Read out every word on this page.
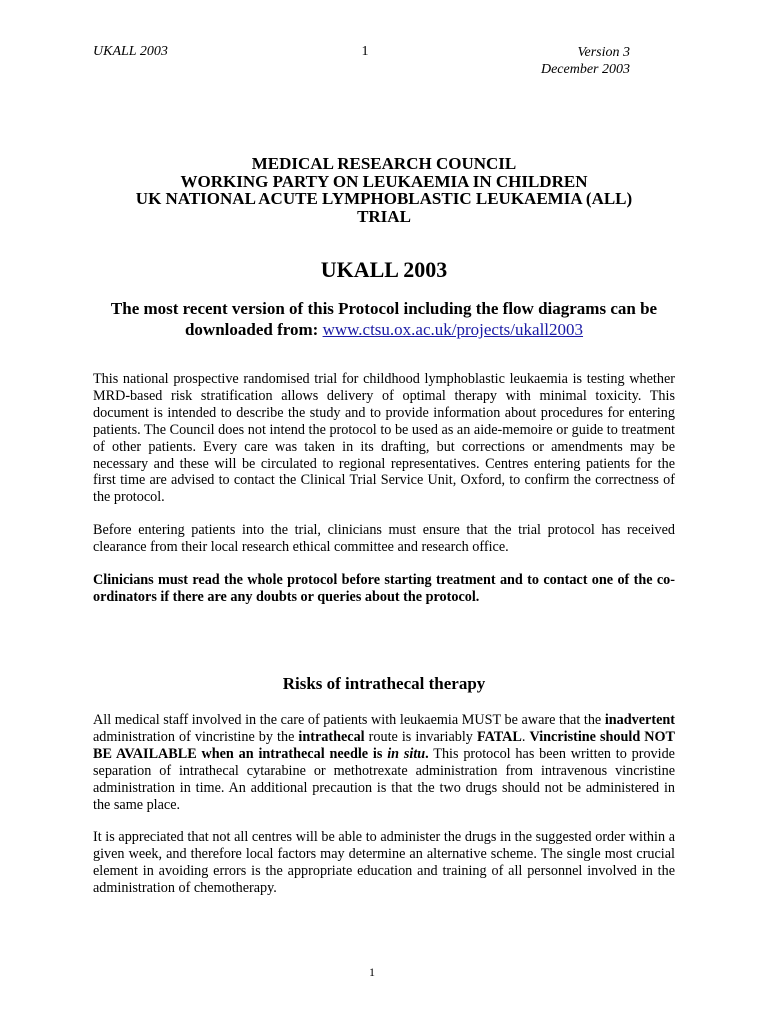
UKALL 2003	1	Version 3
December 2003
MEDICAL RESEARCH COUNCIL
WORKING PARTY ON LEUKAEMIA IN CHILDREN
UK NATIONAL ACUTE LYMPHOBLASTIC LEUKAEMIA (ALL)
TRIAL
UKALL 2003
The most recent version of this Protocol including the flow diagrams can be
downloaded from: www.ctsu.ox.ac.uk/projects/ukall2003
This national prospective randomised trial for childhood lymphoblastic leukaemia is testing whether MRD-based risk stratification allows delivery of optimal therapy with minimal toxicity. This document is intended to describe the study and to provide information about procedures for entering patients. The Council does not intend the protocol to be used as an aide-memoire or guide to treatment of other patients. Every care was taken in its drafting, but corrections or amendments may be necessary and these will be circulated to regional representatives. Centres entering patients for the first time are advised to contact the Clinical Trial Service Unit, Oxford, to confirm the correctness of the protocol.
Before entering patients into the trial, clinicians must ensure that the trial protocol has received clearance from their local research ethical committee and research office.
Clinicians must read the whole protocol before starting treatment and to contact one of the co-ordinators if there are any doubts or queries about the protocol.
Risks of intrathecal therapy
All medical staff involved in the care of patients with leukaemia MUST be aware that the inadvertent administration of vincristine by the intrathecal route is invariably FATAL. Vincristine should NOT BE AVAILABLE when an intrathecal needle is in situ. This protocol has been written to provide separation of intrathecal cytarabine or methotrexate administration from intravenous vincristine administration in time. An additional precaution is that the two drugs should not be administered in the same place.
It is appreciated that not all centres will be able to administer the drugs in the suggested order within a given week, and therefore local factors may determine an alternative scheme. The single most crucial element in avoiding errors is the appropriate education and training of all personnel involved in the administration of chemotherapy.
1
